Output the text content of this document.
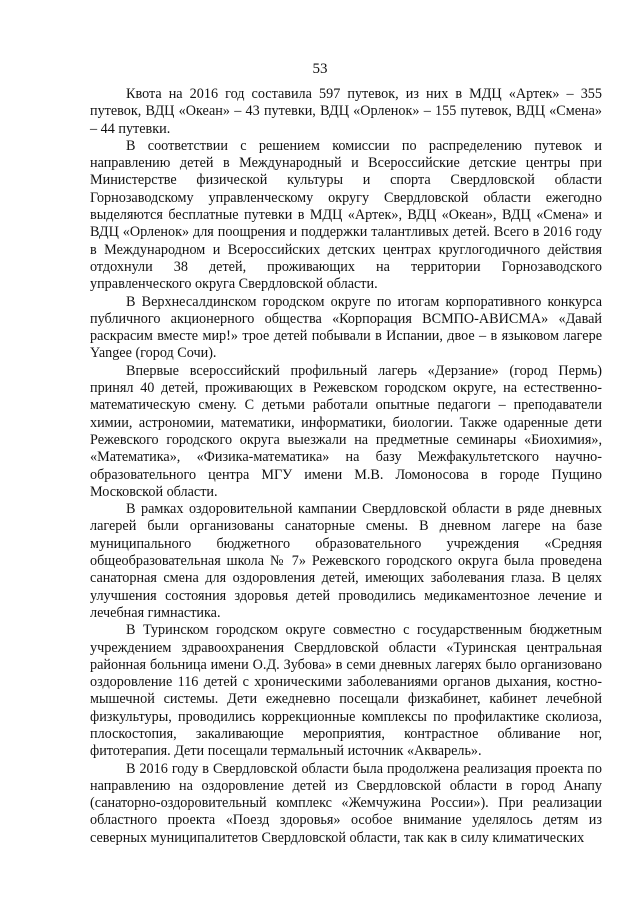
53

Квота на 2016 год составила 597 путевок, из них в МДЦ «Артек» – 355 путевок, ВДЦ «Океан» – 43 путевки, ВДЦ «Орленок» – 155 путевок, ВДЦ «Смена» – 44 путевки.

В соответствии с решением комиссии по распределению путевок и направлению детей в Международный и Всероссийские детские центры при Министерстве физической культуры и спорта Свердловской области Горнозаводскому управленческому округу Свердловской области ежегодно выделяются бесплатные путевки в МДЦ «Артек», ВДЦ «Океан», ВДЦ «Смена» и ВДЦ «Орленок» для поощрения и поддержки талантливых детей. Всего в 2016 году в Международном и Всероссийских детских центрах круглогодичного действия отдохнули 38 детей, проживающих на территории Горнозаводского управленческого округа Свердловской области.

В Верхнесалдинском городском округе по итогам корпоративного конкурса публичного акционерного общества «Корпорация ВСМПО-АВИСМА» «Давай раскрасим вместе мир!» трое детей побывали в Испании, двое – в языковом лагере Yangee (город Сочи).

Впервые всероссийский профильный лагерь «Дерзание» (город Пермь) принял 40 детей, проживающих в Режевском городском округе, на естественно-математическую смену. С детьми работали опытные педагоги – преподаватели химии, астрономии, математики, информатики, биологии. Также одаренные дети Режевского городского округа выезжали на предметные семинары «Биохимия», «Математика», «Физика-математика» на базу Межфакультетского научно-образовательного центра МГУ имени М.В. Ломоносова в городе Пущино Московской области.

В рамках оздоровительной кампании Свердловской области в ряде дневных лагерей были организованы санаторные смены. В дневном лагере на базе муниципального бюджетного образовательного учреждения «Средняя общеобразовательная школа № 7» Режевского городского округа была проведена санаторная смена для оздоровления детей, имеющих заболевания глаза. В целях улучшения состояния здоровья детей проводились медикаментозное лечение и лечебная гимнастика.

В Туринском городском округе совместно с государственным бюджетным учреждением здравоохранения Свердловской области «Туринская центральная районная больница имени О.Д. Зубова» в семи дневных лагерях было организовано оздоровление 116 детей с хроническими заболеваниями органов дыхания, костно-мышечной системы. Дети ежедневно посещали физкабинет, кабинет лечебной физкультуры, проводились коррекционные комплексы по профилактике сколиоза, плоскостопия, закаливающие мероприятия, контрастное обливание ног, фитотерапия. Дети посещали термальный источник «Акварель».

В 2016 году в Свердловской области была продолжена реализация проекта по направлению на оздоровление детей из Свердловской области в город Анапу (санаторно-оздоровительный комплекс «Жемчужина России»). При реализации областного проекта «Поезд здоровья» особое внимание уделялось детям из северных муниципалитетов Свердловской области, так как в силу климатических
